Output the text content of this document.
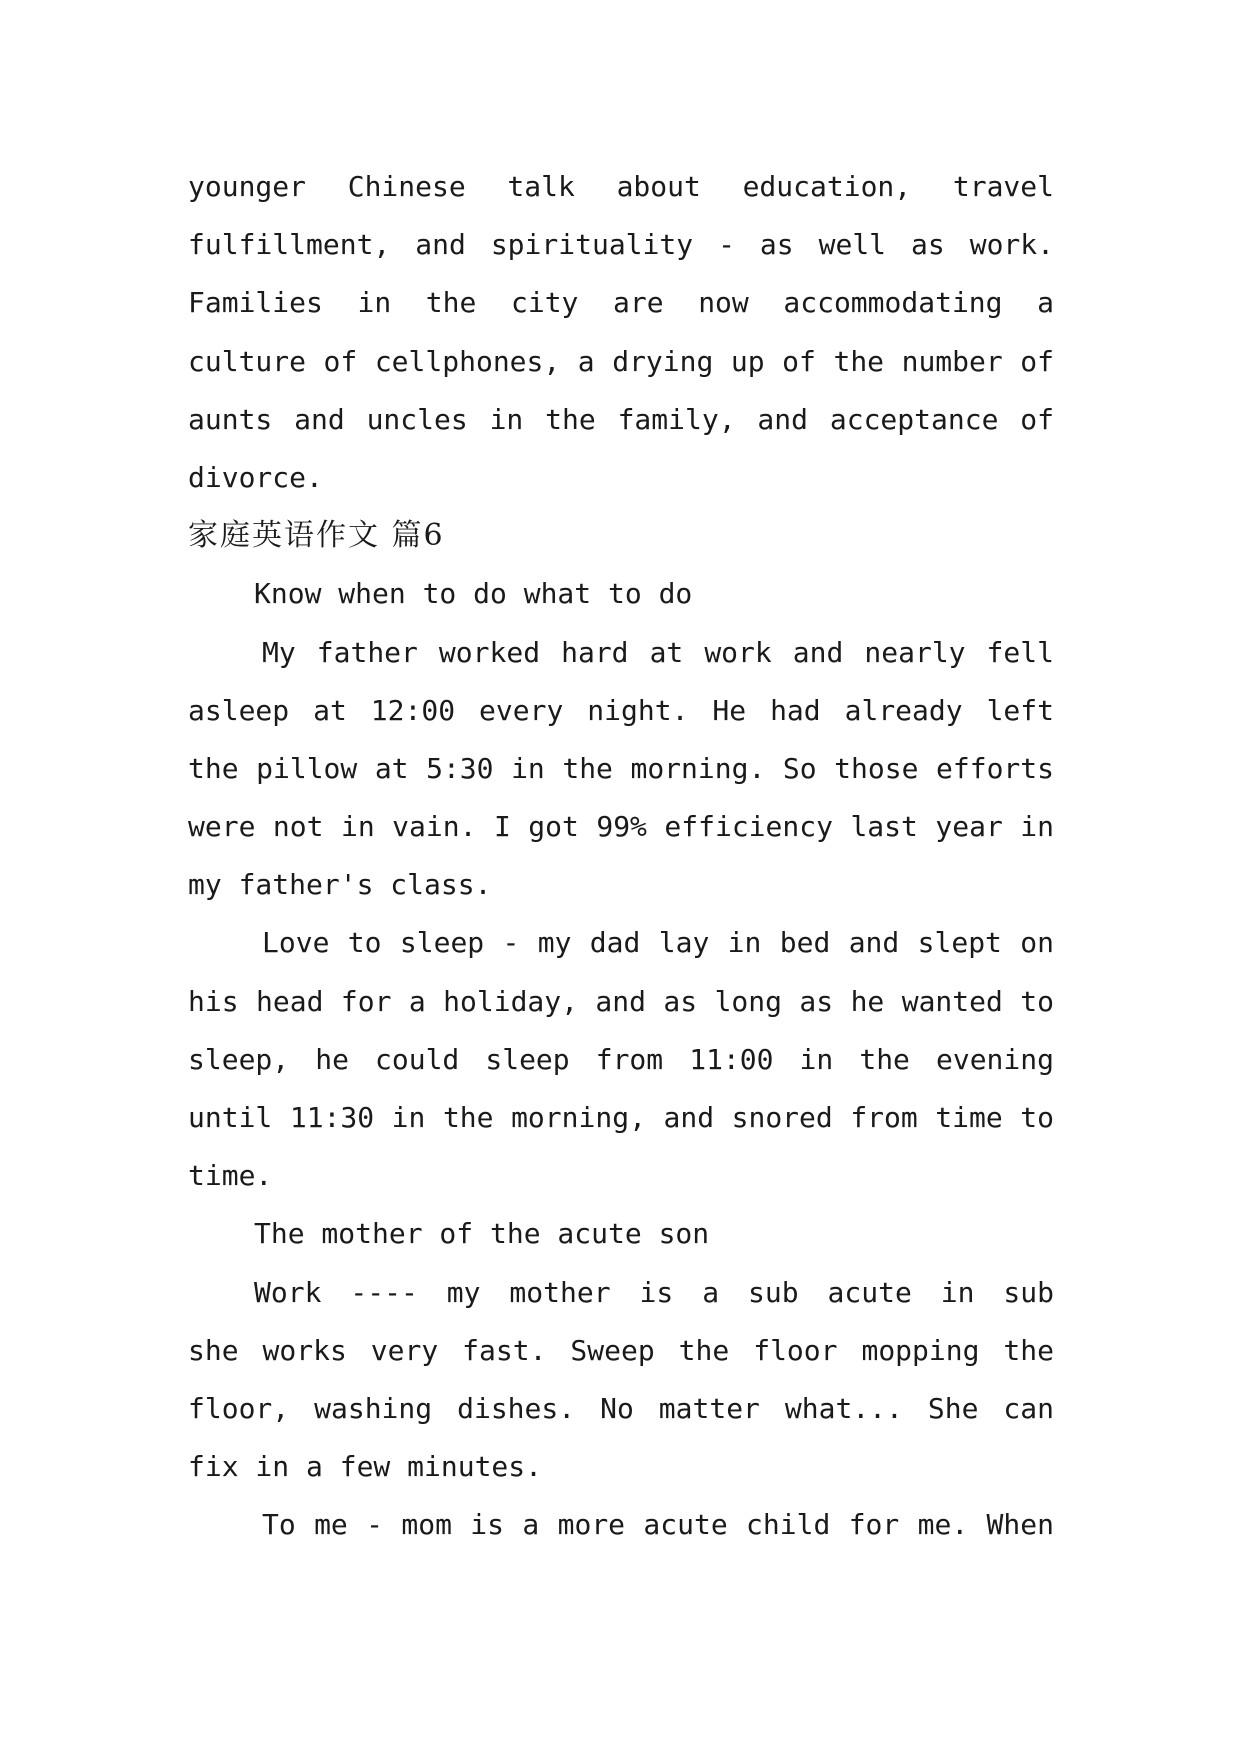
younger Chinese talk about education, travel
fulfillment, and spirituality - as well as work.
Families in the city are now accommodating a
culture of cellphones, a drying up of the number of
aunts and uncles in the family, and acceptance of
divorce.
家庭英语作文 篇6
Know when to do what to do
My father worked hard at work and nearly fell
asleep at 12:00 every night. He had already left
the pillow at 5:30 in the morning. So those efforts
were not in vain. I got 99% efficiency last year in
my father's class.
Love to sleep - my dad lay in bed and slept on
his head for a holiday, and as long as he wanted to
sleep, he could sleep from 11:00 in the evening
until 11:30 in the morning, and snored from time to
time.
The mother of the acute son
Work ---- my mother is a sub acute in sub
she works very fast. Sweep the floor mopping the
floor, washing dishes. No matter what... She can
fix in a few minutes.
To me - mom is a more acute child for me. When
